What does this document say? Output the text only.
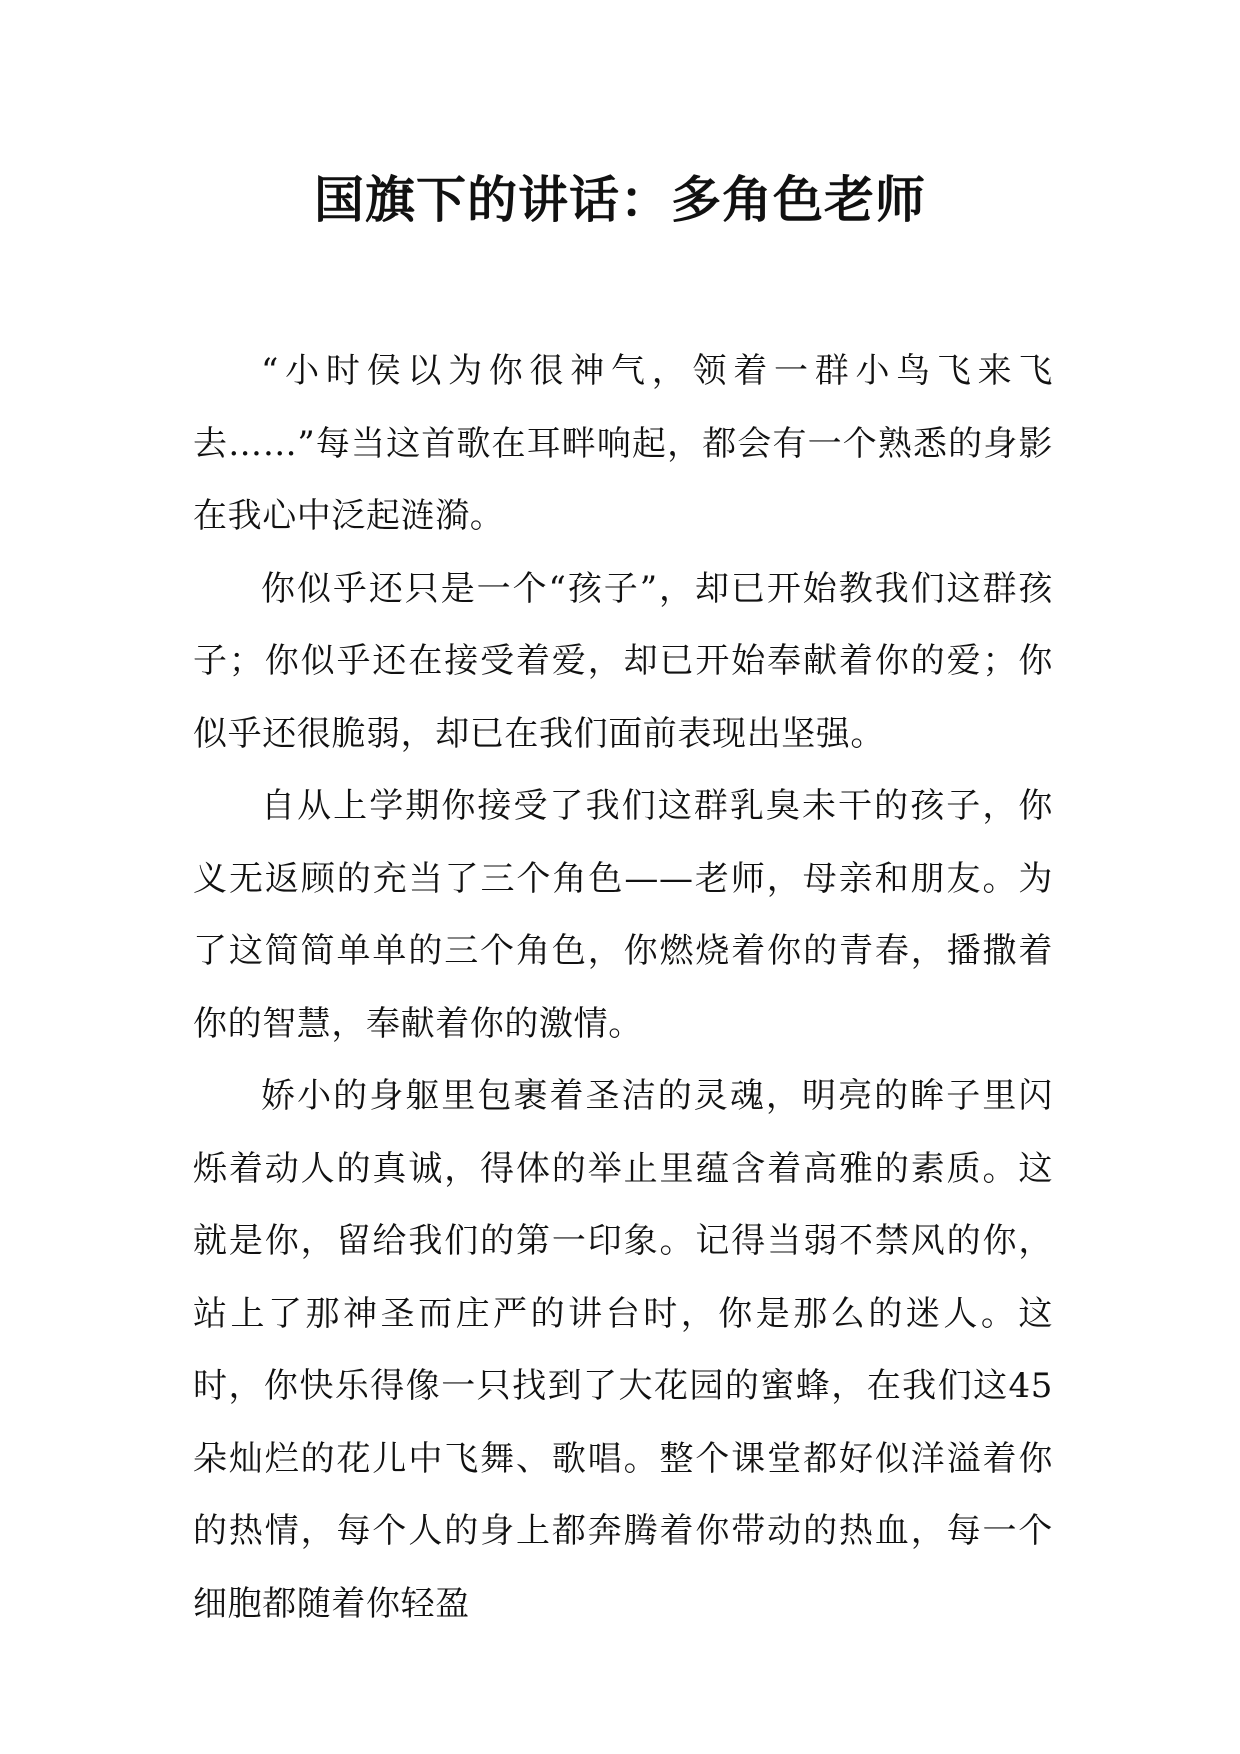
国旗下的讲话：多角色老师

“小时侯以为你很神气，领着一群小鸟飞来飞去……”每当这首歌在耳畔响起，都会有一个熟悉的身影在我心中泛起涟漪。

你似乎还只是一个“孩子”，却已开始教我们这群孩子；你似乎还在接受着爱，却已开始奉献着你的爱；你似乎还很脆弱，却已在我们面前表现出坚强。

自从上学期你接受了我们这群乳臭未干的孩子，你义无返顾的充当了三个角色——老师，母亲和朋友。为了这简简单单的三个角色，你燃烧着你的青春，播撒着你的智慧，奉献着你的激情。

娇小的身躯里包裹着圣洁的灵魂，明亮的眸子里闪烁着动人的真诚，得体的举止里蕴含着高雅的素质。这就是你，留给我们的第一印象。记得当弱不禁风的你，站上了那神圣而庄严的讲台时，你是那么的迷人。这时，你快乐得像一只找到了大花园的蜜蜂，在我们这45朵灿烂的花儿中飞舞、歌唱。整个课堂都好似洋溢着你的热情，每个人的身上都奔腾着你带动的热血，每一个细胞都随着你轻盈
